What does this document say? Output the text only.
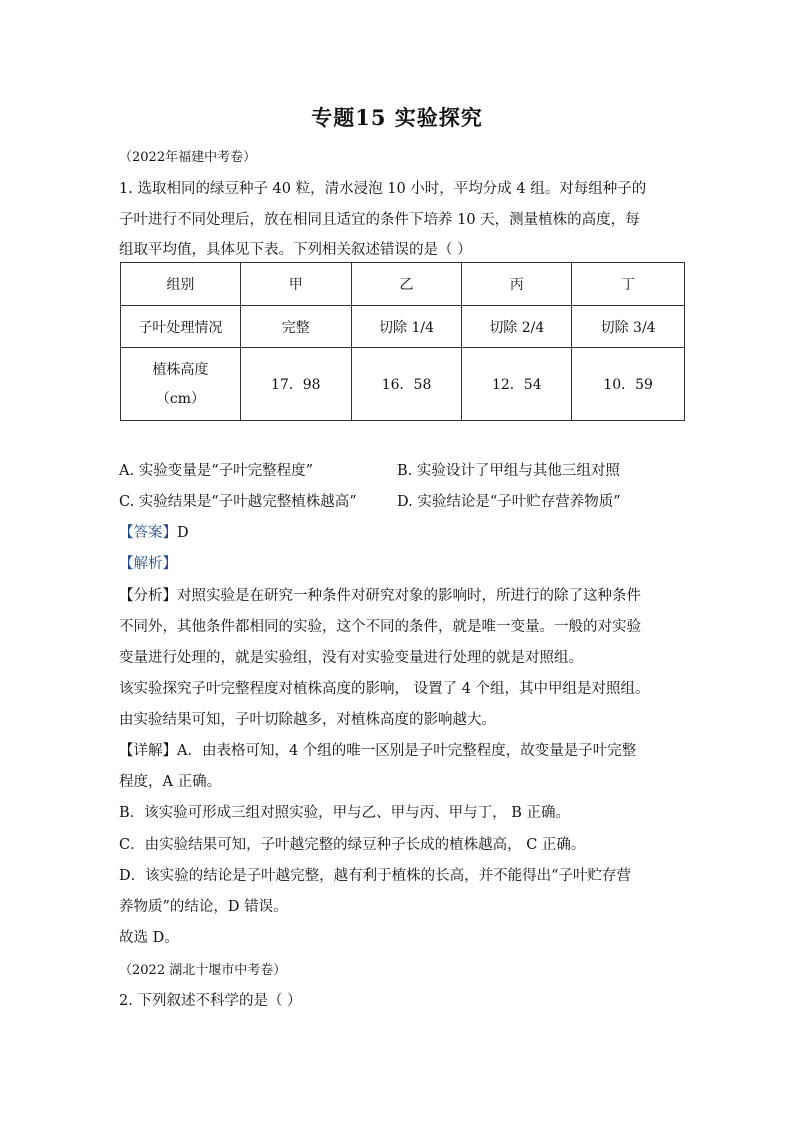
专题15 实验探究
（2022年福建中考卷）
1. 选取相同的绿豆种子 40 粒，清水浸泡 10 小时，平均分成 4 组。对每组种子的
子叶进行不同处理后，放在相同且适宜的条件下培养 10 天，测量植株的高度，每
组取平均值，具体见下表。下列相关叙述错误的是（ ）
组别	甲	乙	丙	丁
子叶处理情况	完整	切除 1/4	切除 2/4	切除 3/4

植株高度
（cm）	17．98	16．58	12．54	10．59
A. 实验变量是“子叶完整程度”	B. 实验设计了甲组与其他三组对照
C. 实验结果是“子叶越完整植株越高”	D. 实验结论是“子叶贮存营养物质”
【答案】D
【解析】
【分析】对照实验是在研究一种条件对研究对象的影响时，所进行的除了这种条件
不同外，其他条件都相同的实验，这个不同的条件，就是唯一变量。一般的对实验
变量进行处理的，就是实验组，没有对实验变量进行处理的就是对照组。
该实验探究子叶完整程度对植株高度的影响， 设置了 4 个组，其中甲组是对照组。
由实验结果可知，子叶切除越多，对植株高度的影响越大。
【详解】A．由表格可知，4 个组的唯一区别是子叶完整程度，故变量是子叶完整
程度，A 正确。
B．该实验可形成三组对照实验，甲与乙、甲与丙、甲与丁， B 正确。
C．由实验结果可知，子叶越完整的绿豆种子长成的植株越高， C 正确。
D．该实验的结论是子叶越完整，越有利于植株的长高，并不能得出“子叶贮存营
养物质”的结论，D 错误。
故选 D。
（2022 湖北十堰市中考卷）
2. 下列叙述不科学的是（ ）
